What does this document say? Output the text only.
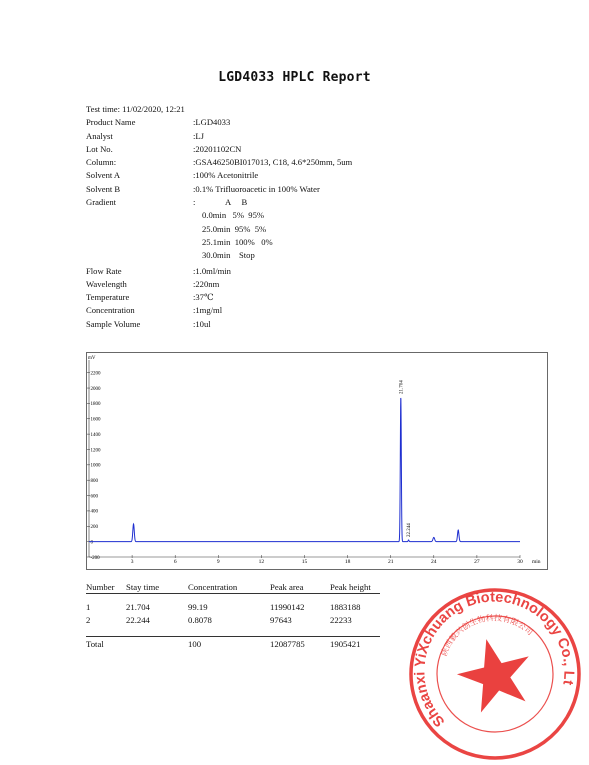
LGD4033 HPLC Report
Test time: 11/02/2020, 12:21
Product Name	:LGD4033
Analyst	:LJ
Lot No.	:20201102CN
Column:	:GSA46250BI017013, C18, 4.6*250mm, 5um
Solvent A	:100% Acetonitrile
Solvent B	:0.1% Trifluoroacetic in 100% Water
Gradient	:              A     B
0.0min   5%  95%
25.0min  95%  5%
25.1min  100%   0%
30.0min    Stop
Flow Rate	:1.0ml/min
Wavelength	:220nm
Temperature	:37℃
Concentration	:1mg/ml
Sample Volume	:10ul
mV
min
-200
0
200
400
600
800
1000
1200
1400
1600
1800
2000
2200
3	6	9	12	15	18	21	24	27	30
21.704
22.244
Number	Stay time	Concentration	Peak area	Peak height

1	21.704	99.19	11990142	1883188
2	22.244	0.8078	97643	22233

Total		100	12087785	1905421
Shaanxi YiXchuang Biotechnology Co., Ltd
陕西毅兴创生物科技有限公司
